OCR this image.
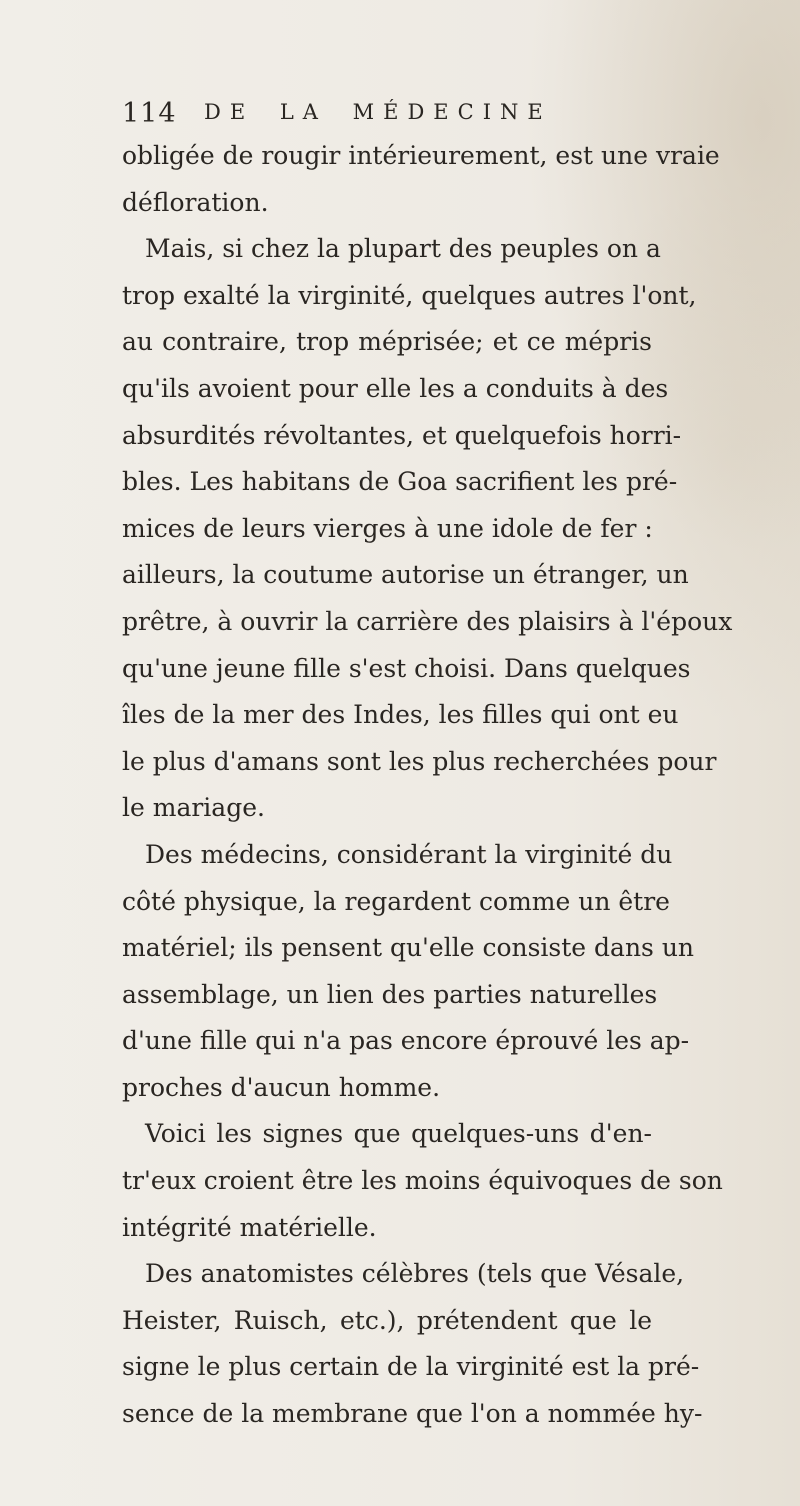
114 DE LA MÉDECINE
obligée de rougir intérieurement, est une vraie
défloration.
Mais, si chez la plupart des peuples on a
trop exalté la virginité, quelques autres l'ont,
au contraire, trop méprisée; et ce mépris
qu'ils avoient pour elle les a conduits à des
absurdités révoltantes, et quelquefois horri-
bles. Les habitans de Goa sacrifient les pré-
mices de leurs vierges à une idole de fer :
ailleurs, la coutume autorise un étranger, un
prêtre, à ouvrir la carrière des plaisirs à l'époux
qu'une jeune fille s'est choisi. Dans quelques
îles de la mer des Indes, les filles qui ont eu
le plus d'amans sont les plus recherchées pour
le mariage.
Des médecins, considérant la virginité du
côté physique, la regardent comme un être
matériel; ils pensent qu'elle consiste dans un
assemblage, un lien des parties naturelles
d'une fille qui n'a pas encore éprouvé les ap-
proches d'aucun homme.
Voici les signes que quelques-uns d'en-
tr'eux croient être les moins équivoques de son
intégrité matérielle.
Des anatomistes célèbres (tels que Vésale,
Heister, Ruisch, etc.), prétendent que le
signe le plus certain de la virginité est la pré-
sence de la membrane que l'on a nommée hy-
